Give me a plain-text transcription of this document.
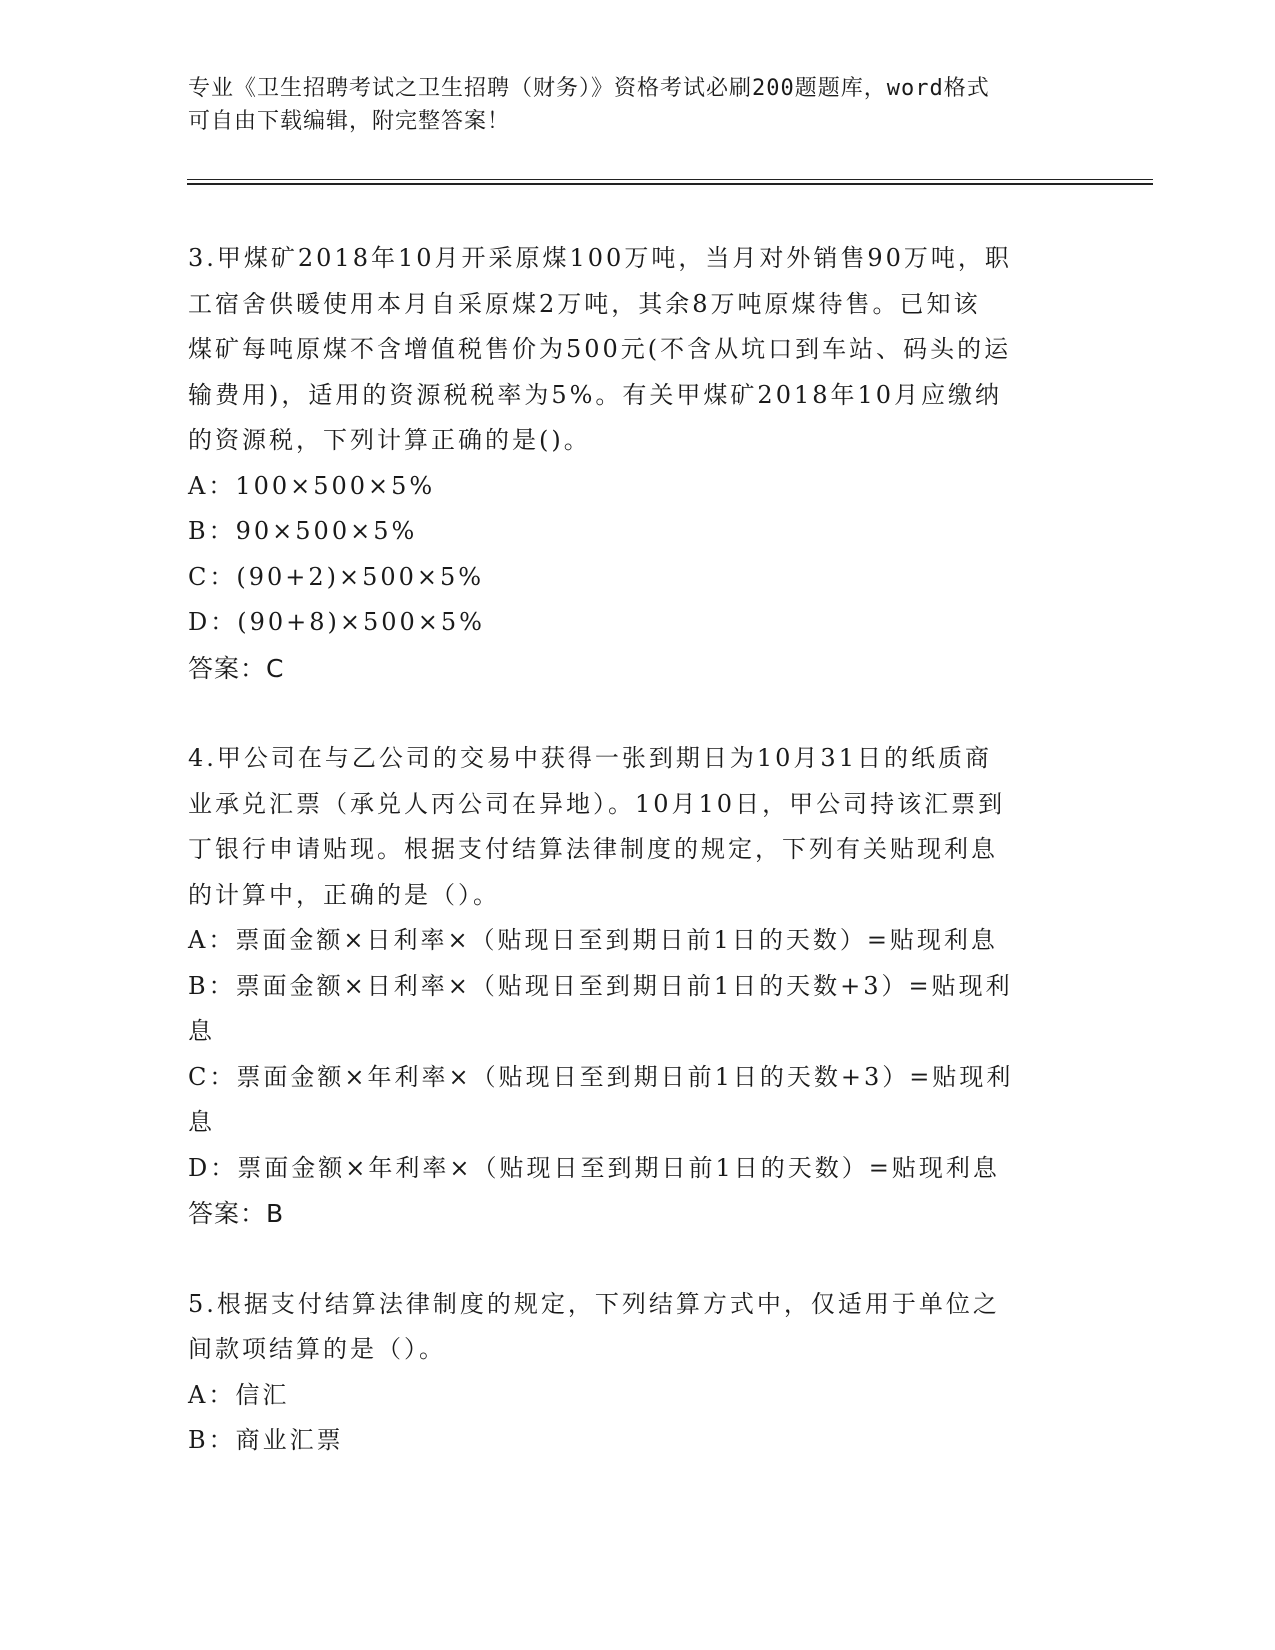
专业《卫生招聘考试之卫生招聘（财务）》资格考试必刷200题题库，word格式
可自由下载编辑，附完整答案！
3.甲煤矿2018年10月开采原煤100万吨，当月对外销售90万吨，职
工宿舍供暖使用本月自采原煤2万吨，其余8万吨原煤待售。已知该
煤矿每吨原煤不含增值税售价为500元(不含从坑口到车站、码头的运
输费用)，适用的资源税税率为5%。有关甲煤矿2018年10月应缴纳
的资源税，下列计算正确的是()。
A：100×500×5%
B：90×500×5%
C：(90+2)×500×5%
D：(90+8)×500×5%
答案：C
4.甲公司在与乙公司的交易中获得一张到期日为10月31日的纸质商
业承兑汇票（承兑人丙公司在异地）。10月10日，甲公司持该汇票到
丁银行申请贴现。根据支付结算法律制度的规定，下列有关贴现利息
的计算中，正确的是（）。
A：票面金额×日利率×（贴现日至到期日前1日的天数）=贴现利息
B：票面金额×日利率×（贴现日至到期日前1日的天数+3）=贴现利
息
C：票面金额×年利率×（贴现日至到期日前1日的天数+3）=贴现利
息
D：票面金额×年利率×（贴现日至到期日前1日的天数）=贴现利息
答案：B
5.根据支付结算法律制度的规定，下列结算方式中，仅适用于单位之
间款项结算的是（）。
A：信汇
B：商业汇票
